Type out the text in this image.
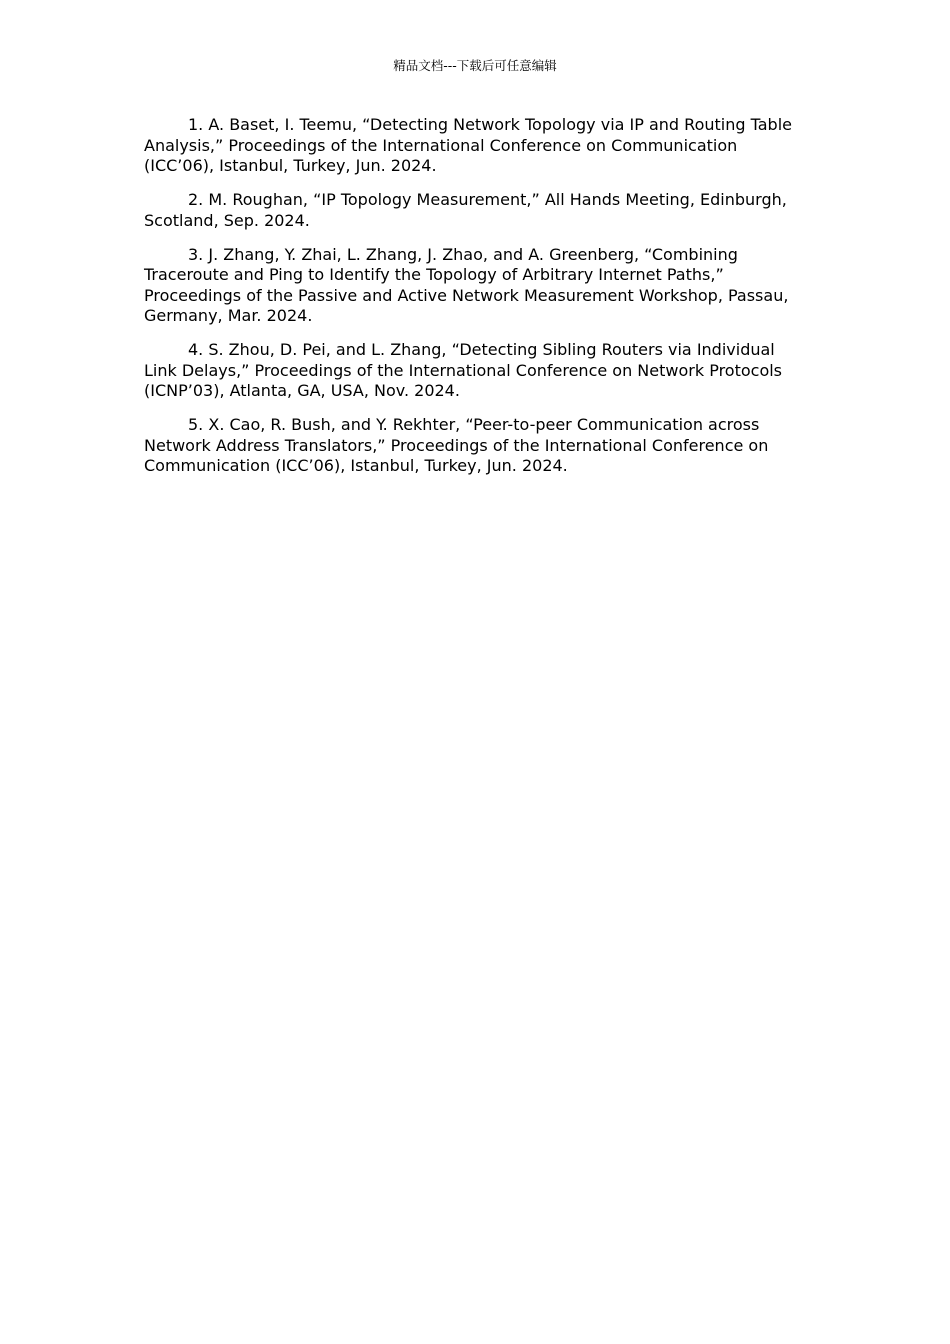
精品文档---下载后可任意编辑

1. A. Baset, I. Teemu, “Detecting Network Topology via IP and Routing Table Analysis,” Proceedings of the International Conference on Communication (ICC’06), Istanbul, Turkey, Jun. 2024.

2. M. Roughan, “IP Topology Measurement,” All Hands Meeting, Edinburgh, Scotland, Sep. 2024.

3. J. Zhang, Y. Zhai, L. Zhang, J. Zhao, and A. Greenberg, “Combining Traceroute and Ping to Identify the Topology of Arbitrary Internet Paths,” Proceedings of the Passive and Active Network Measurement Workshop, Passau, Germany, Mar. 2024.

4. S. Zhou, D. Pei, and L. Zhang, “Detecting Sibling Routers via Individual Link Delays,” Proceedings of the International Conference on Network Protocols (ICNP’03), Atlanta, GA, USA, Nov. 2024.

5. X. Cao, R. Bush, and Y. Rekhter, “Peer-to-peer Communication across Network Address Translators,” Proceedings of the International Conference on Communication (ICC’06), Istanbul, Turkey, Jun. 2024.
